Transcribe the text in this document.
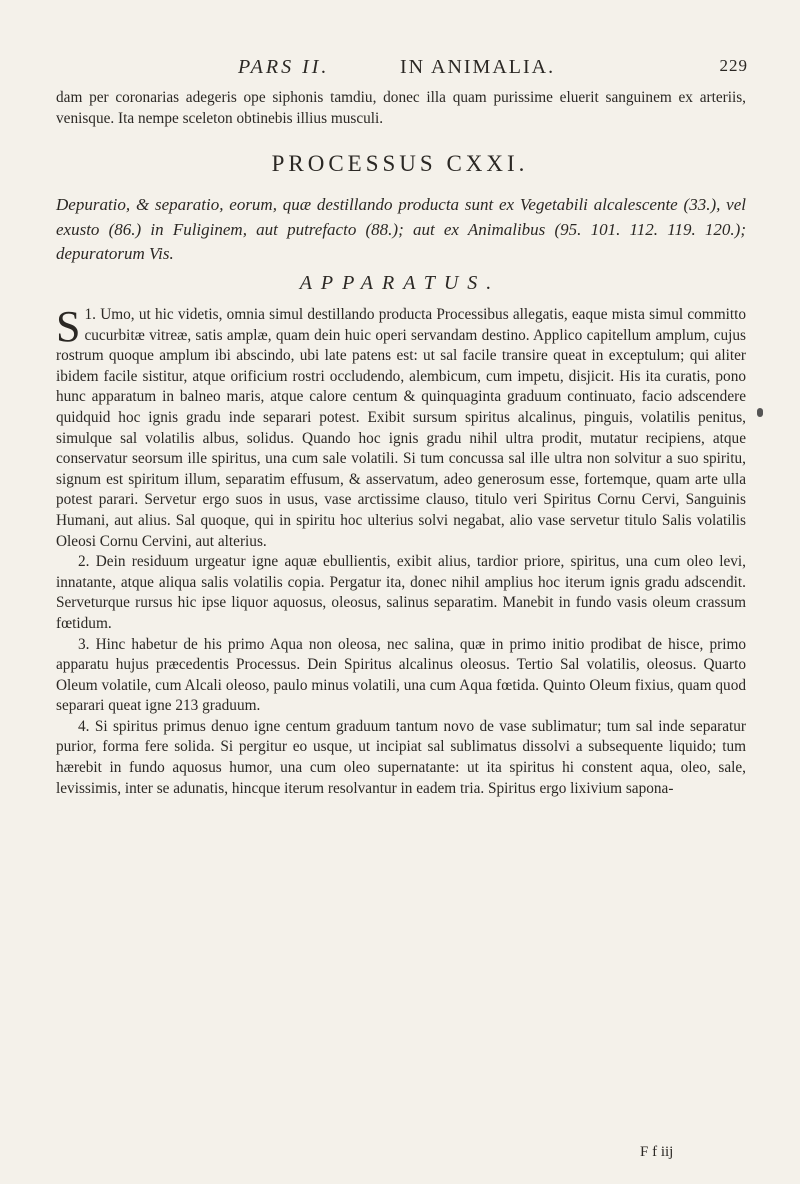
PARS II.	IN ANIMALIA.	229
dam per coronarias adegeris ope siphonis tamdiu, donec illa quam purissime eluerit sanguinem ex arteriis, venisque. Ita nempe sceleton obtinebis illius musculi.
PROCESSUS CXXI.
Depuratio, & separatio, eorum, quæ destillando producta sunt ex Vegetabili alcalescente (33.), vel exusto (86.) in Fuliginem, aut putrefacto (88.); aut ex Animalibus (95. 101. 112. 119. 120.); depuratorum Vis.
APPARATUS.

1.
S Umo, ut hic videtis, omnia simul destillando producta Processibus allegatis, eaque mista simul committo cucurbitæ vitreæ, satis amplæ, quam dein huic operi servandam destino. Applico capitellum amplum, cujus rostrum quoque amplum ibi abscindo, ubi late patens est: ut sal facile transire queat in exceptulum; qui aliter ibidem facile sistitur, atque orificium rostri occludendo, alembicum, cum impetu, disjicit. His ita curatis, pono hunc apparatum in balneo maris, atque calore centum & quinquaginta graduum continuato, facio adscendere quidquid hoc ignis gradu inde separari potest. Exibit sursum spiritus alcalinus, pinguis, volatilis penitus, simulque sal volatilis albus, solidus. Quando hoc ignis gradu nihil ultra prodit, mutatur recipiens, atque conservatur seorsum ille spiritus, una cum sale volatili. Si tum concussa sal ille ultra non solvitur a suo spiritu, signum est spiritum illum, separatim effusum, & asservatum, adeo generosum esse, fortemque, quam arte ulla potest parari. Servetur ergo suos in usus, vase arctissime clauso, titulo veri Spiritus Cornu Cervi, Sanguinis Humani, aut alius. Sal quoque, qui in spiritu hoc ulterius solvi negabat, alio vase servetur titulo Salis volatilis Oleosi Cornu Cervini, aut alterius.

2. Dein residuum urgeatur igne aquæ ebullientis, exibit alius, tardior priore, spiritus, una cum oleo levi, innatante, atque aliqua salis volatilis copia. Pergatur ita, donec nihil amplius hoc iterum ignis gradu adscendit. Serveturque rursus hic ipse liquor aquosus, oleosus, salinus separatim. Manebit in fundo vasis oleum crassum fœtidum.

3. Hinc habetur de his primo Aqua non oleosa, nec salina, quæ in primo initio prodibat de hisce, primo apparatu hujus præcedentis Processus. Dein Spiritus alcalinus oleosus. Tertio Sal volatilis, oleosus. Quarto Oleum volatile, cum Alcali oleoso, paulo minus volatili, una cum Aqua fœtida. Quinto Oleum fixius, quam quod separari queat igne 213 graduum.

4. Si spiritus primus denuo igne centum graduum tantum novo de vase sublimatur; tum sal inde separatur purior, forma fere solida. Si pergitur eo usque, ut incipiat sal sublimatus dissolvi a subsequente liquido; tum hærebit in fundo aquosus humor, una cum oleo supernatante: ut ita spiritus hi constent aqua, oleo, sale, levissimis, inter se adunatis, hincque iterum resolvantur in eadem tria. Spiritus ergo lixivium sapona-

F f iij
